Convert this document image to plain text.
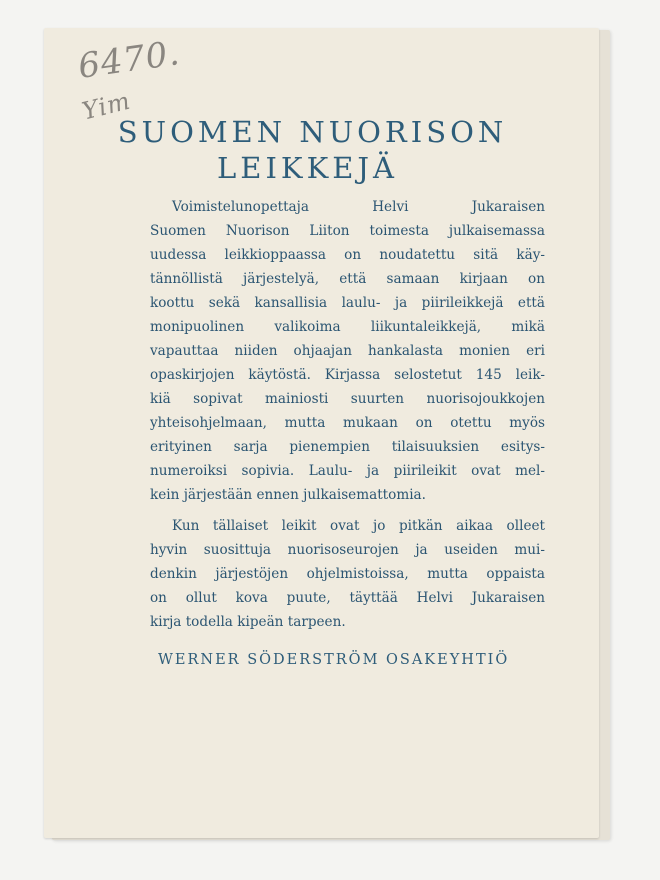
6470.
Yim
SUOMEN NUORISON
LEIKKEJÄ
Voimistelunopettaja Helvi Jukaraisen
Suomen Nuorison Liiton toimesta julkaisemassa
uudessa leikkioppaassa on noudatettu sitä käy-
tännöllistä järjestelyä, että samaan kirjaan on
koottu sekä kansallisia laulu- ja piirileikkejä että
monipuolinen valikoima liikuntaleikkejä, mikä
vapauttaa niiden ohjaajan hankalasta monien eri
opaskirjojen käytöstä. Kirjassa selostetut 145 leik-
kiä sopivat mainiosti suurten nuorisojoukkojen
yhteisohjelmaan, mutta mukaan on otettu myös
erityinen sarja pienempien tilaisuuksien esitys-
numeroiksi sopivia. Laulu- ja piirileikit ovat mel-
kein järjestään ennen julkaisemattomia.
Kun tällaiset leikit ovat jo pitkän aikaa olleet
hyvin suosittuja nuorisoseurojen ja useiden mui-
denkin järjestöjen ohjelmistoissa, mutta oppaista
on ollut kova puute, täyttää Helvi Jukaraisen
kirja todella kipeän tarpeen.
WERNER SÖDERSTRÖM OSAKEYHTIÖ
